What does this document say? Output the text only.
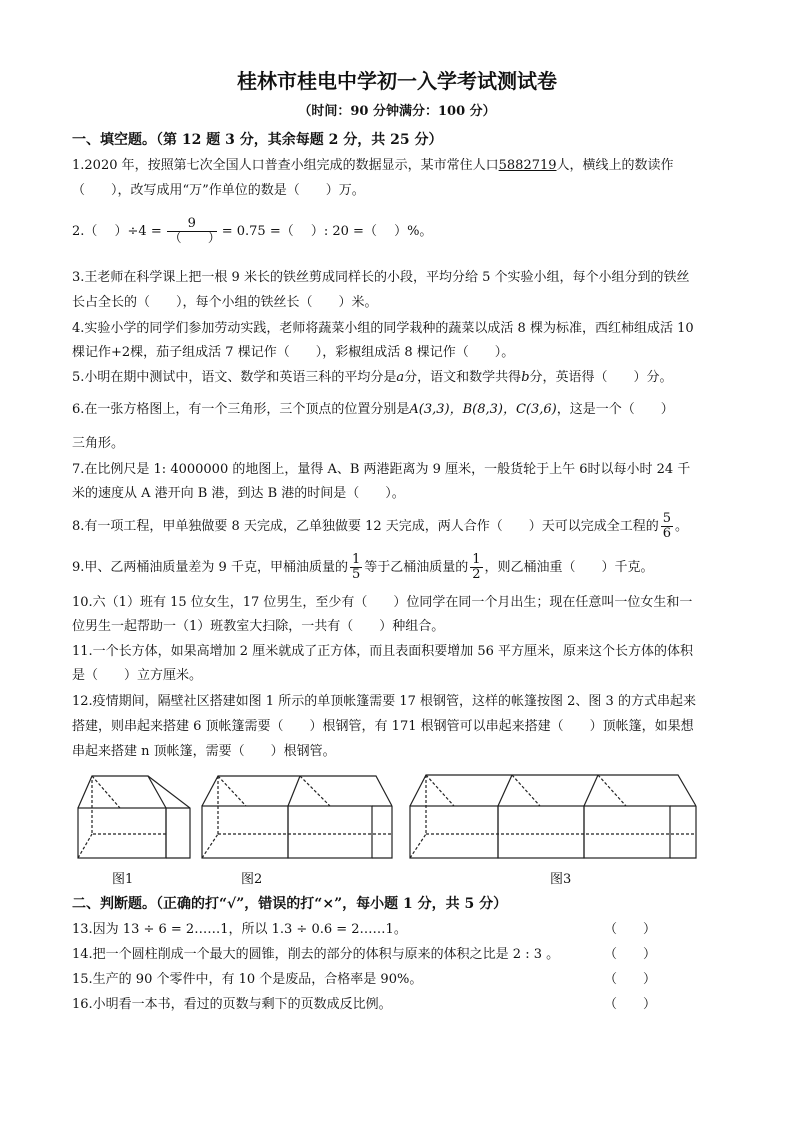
桂林市桂电中学初一入学考试测试卷
（时间：90 分钟满分：100 分）
一、填空题。（第 12 题 3 分，其余每题 2 分，共 25 分）
1.2020 年，按照第七次全国人口普查小组完成的数据显示，某市常住人口5882719人，横线上的数读作
（　　），改写成用“万”作单位的数是（　　）万。
2.（　 ）$\div 4 = \frac{9}{( )} = 0.75$ =（　 ）: 20 =（　 ）%。
3.王老师在科学课上把一根 9 米长的铁丝剪成同样长的小段，平均分给 5 个实验小组，每个小组分到的铁丝
长占全长的（　　），每个小组的铁丝长（　　）米。
4.实验小学的同学们参加劳动实践，老师将蔬菜小组的同学栽种的蔬菜以成活 8 棵为标准，西红柿组成活 10
棵记作+2棵，茄子组成活 7 棵记作（　　），彩椒组成活 8 棵记作（　　）。
5.小明在期中测试中，语文、数学和英语三科的平均分是a分，语文和数学共得b分，英语得（　　）分。
6.在一张方格图上，有一个三角形，三个顶点的位置分别是A(3,3)，B(8,3)，C(3,6)，这是一个（　　）
三角形。
7.在比例尺是 1: 4000000 的地图上，量得 A、B 两港距离为 9 厘米，一般货轮于上午 6时以每小时 24 千
米的速度从 A 港开向 B 港，到达 B 港的时间是（　　）。
8.有一项工程，甲单独做要 8 天完成，乙单独做要 12 天完成，两人合作（　　）天可以完成全工程的 $\frac{5}{6}$ 。
9.甲、乙两桶油质量差为 9 千克，甲桶油质量的 $\frac{1}{5}$ 等于乙桶油质量的 $\frac{1}{2}$ ，则乙桶油重（　　）千克。
10.六（1）班有 15 位女生，17 位男生，至少有（　　）位同学在同一个月出生；现在任意叫一位女生和一
位男生一起帮助一（1）班教室大扫除，一共有（　　）种组合。
11.一个长方体，如果高增加 2 厘米就成了正方体，而且表面积要增加 56 平方厘米，原来这个长方体的体积
是（　　）立方厘米。
12.疫情期间，隔壁社区搭建如图 1 所示的单顶帐篷需要 17 根钢管，这样的帐篷按图 2、图 3 的方式串起来
搭建，则串起来搭建 6 顶帐篷需要（　　）根钢管，有 171 根钢管可以串起来搭建（　　）顶帐篷，如果想
串起来搭建 n 顶帐篷，需要（　　）根钢管。
图1	图2	图3
二、判断题。（正确的打“√”，错误的打“×”，每小题 1 分，共 5 分）
13.因为 13 ÷ 6 = 2……1，所以 1.3 ÷ 0.6 = 2……1。	（　　）
14.把一个圆柱削成一个最大的圆锥，削去的部分的体积与原来的体积之比是 2 : 3 。	（　　）
15.生产的 90 个零件中，有 10 个是废品，合格率是 90%。	（　　）
16.小明看一本书，看过的页数与剩下的页数成反比例。	（　　）
